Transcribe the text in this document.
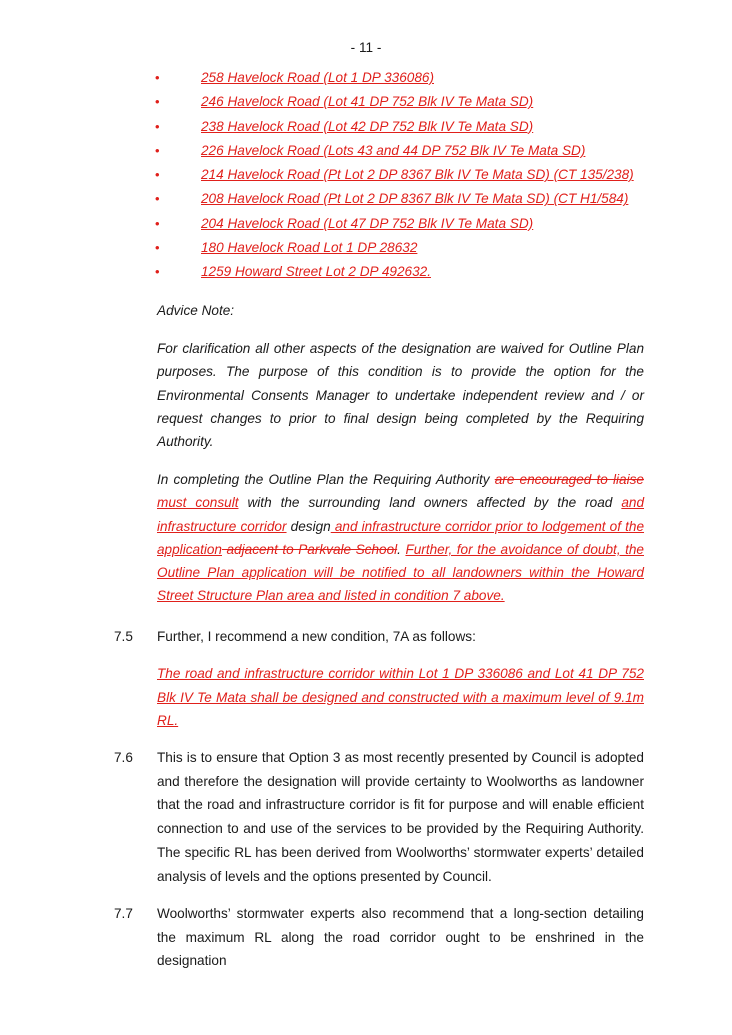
- 11 -
•	258 Havelock Road (Lot 1 DP 336086)
•	246 Havelock Road (Lot 41 DP 752 Blk IV Te Mata SD)
•	238 Havelock Road (Lot 42 DP 752 Blk IV Te Mata SD)
•	226 Havelock Road (Lots 43 and 44 DP 752 Blk IV Te Mata SD)
•	214 Havelock Road (Pt Lot 2 DP 8367 Blk IV Te Mata SD) (CT 135/238)
•	208 Havelock Road (Pt Lot 2 DP 8367 Blk IV Te Mata SD) (CT H1/584)
•	204 Havelock Road (Lot 47 DP 752 Blk IV Te Mata SD)
•	180 Havelock Road Lot 1 DP 28632
•	1259 Howard Street Lot 2 DP 492632.
Advice Note:
For clarification all other aspects of the designation are waived for Outline Plan purposes. The purpose of this condition is to provide the option for the Environmental Consents Manager to undertake independent review and / or request changes to prior to final design being completed by the Requiring Authority.
In completing the Outline Plan the Requiring Authority are encouraged to liaise must consult with the surrounding land owners affected by the road and infrastructure corridor design and infrastructure corridor prior to lodgement of the application adjacent to Parkvale School. Further, for the avoidance of doubt, the Outline Plan application will be notified to all landowners within the Howard Street Structure Plan area and listed in condition 7 above.
7.5 Further, I recommend a new condition, 7A as follows:
The road and infrastructure corridor within Lot 1 DP 336086 and Lot 41 DP 752 Blk IV Te Mata shall be designed and constructed with a maximum level of 9.1m RL.
7.6 This is to ensure that Option 3 as most recently presented by Council is adopted and therefore the designation will provide certainty to Woolworths as landowner that the road and infrastructure corridor is fit for purpose and will enable efficient connection to and use of the services to be provided by the Requiring Authority. The specific RL has been derived from Woolworths’ stormwater experts’ detailed analysis of levels and the options presented by Council.
7.7 Woolworths’ stormwater experts also recommend that a long-section detailing the maximum RL along the road corridor ought to be enshrined in the designation
